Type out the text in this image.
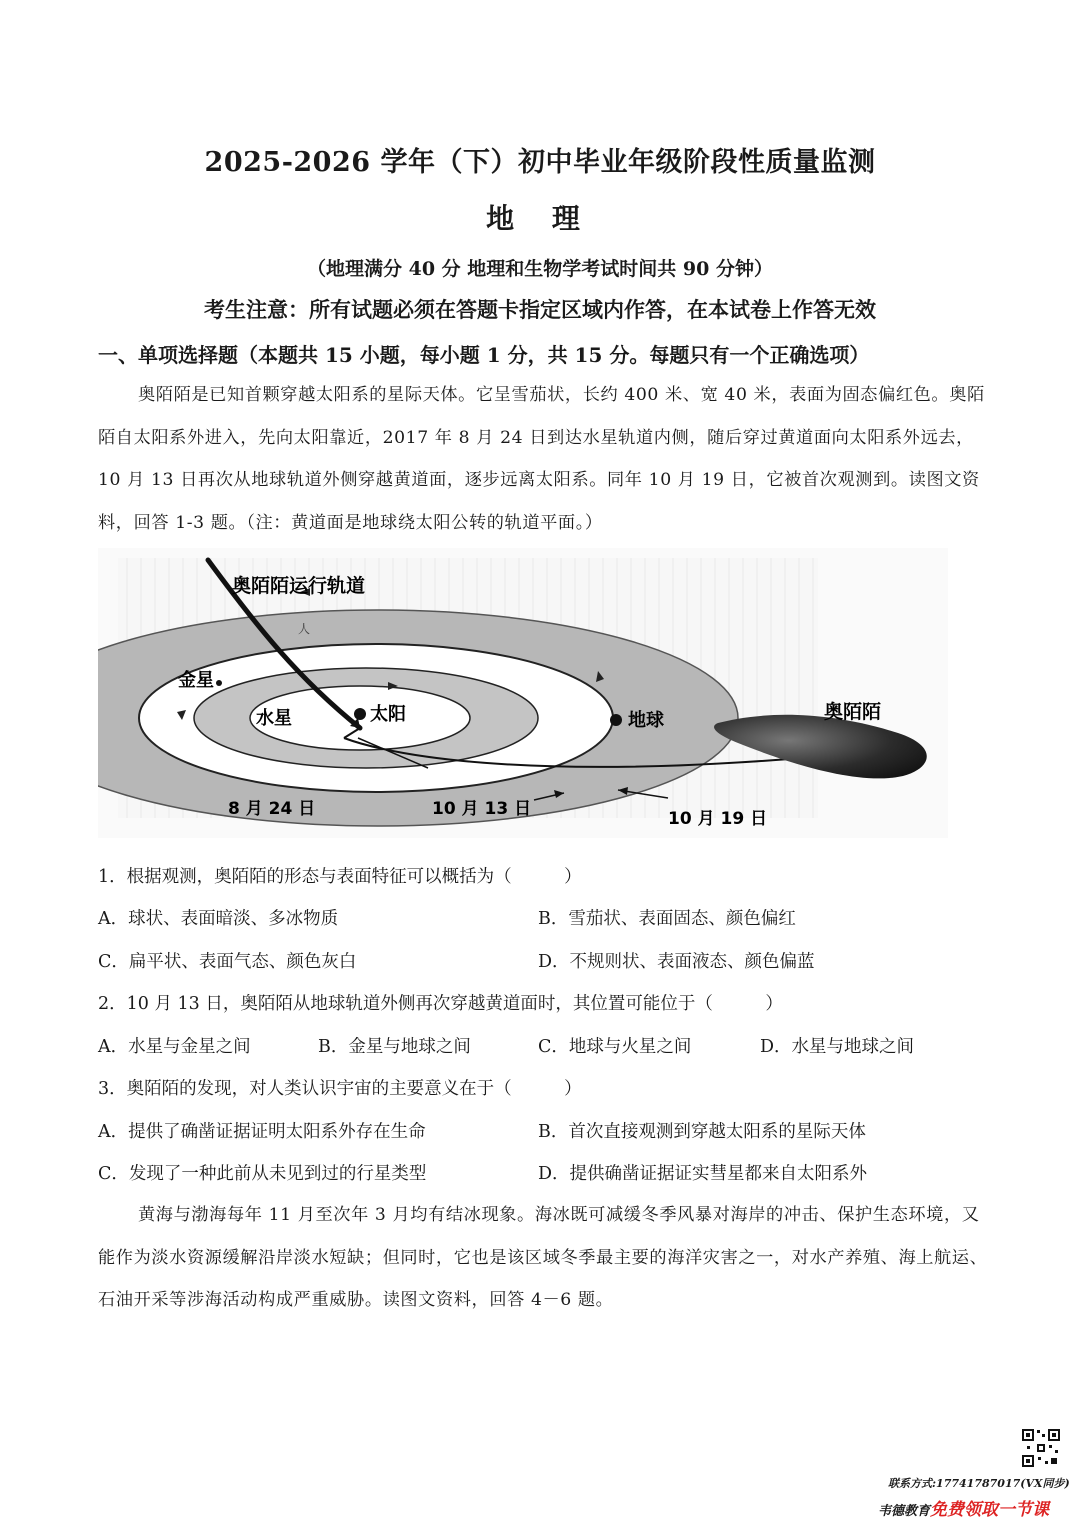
2025-2026 学年（下）初中毕业年级阶段性质量监测
地 理
（地理满分 40 分 地理和生物学考试时间共 90 分钟）
考生注意：所有试题必须在答题卡指定区域内作答，在本试卷上作答无效
一、单项选择题（本题共 15 小题，每小题 1 分，共 15 分。每题只有一个正确选项）

奥陌陌是已知首颗穿越太阳系的星际天体。它呈雪茄状，长约 400 米、宽 40 米，表面为固态偏红色。奥陌陌自太阳系外进入，先向太阳靠近，2017 年 8 月 24 日到达水星轨道内侧，随后穿过黄道面向太阳系外远去，10 月 13 日再次从地球轨道外侧穿越黄道面，逐步远离太阳系。同年 10 月 19 日，它被首次观测到。读图文资料，回答 1-3 题。（注：黄道面是地球绕太阳公转的轨道平面。）

奥陌陌运行轨道
人
金星
水星	太阳	地球	奥陌陌
8 月 24 日	10 月 13 日	10 月 19 日
1．根据观测，奥陌陌的形态与表面特征可以概括为（　　　）
A．球状、表面暗淡、多冰物质	B．雪茄状、表面固态、颜色偏红
C．扁平状、表面气态、颜色灰白	D．不规则状、表面液态、颜色偏蓝
2．10 月 13 日，奥陌陌从地球轨道外侧再次穿越黄道面时，其位置可能位于（　　　）
A．水星与金星之间	B．金星与地球之间	C．地球与火星之间	D．水星与地球之间
3．奥陌陌的发现，对人类认识宇宙的主要意义在于（　　　）
A．提供了确凿证据证明太阳系外存在生命	B．首次直接观测到穿越太阳系的星际天体
C．发现了一种此前从未见到过的行星类型	D．提供确凿证据证实彗星都来自太阳系外

黄海与渤海每年 11 月至次年 3 月均有结冰现象。海冰既可减缓冬季风暴对海岸的冲击、保护生态环境，又能作为淡水资源缓解沿岸淡水短缺；但同时，它也是该区域冬季最主要的海洋灾害之一，对水产养殖、海上航运、石油开采等涉海活动构成严重威胁。读图文资料，回答 4－6 题。

联系方式:17741787017(VX同步)
韦德教育免费领取一节课
